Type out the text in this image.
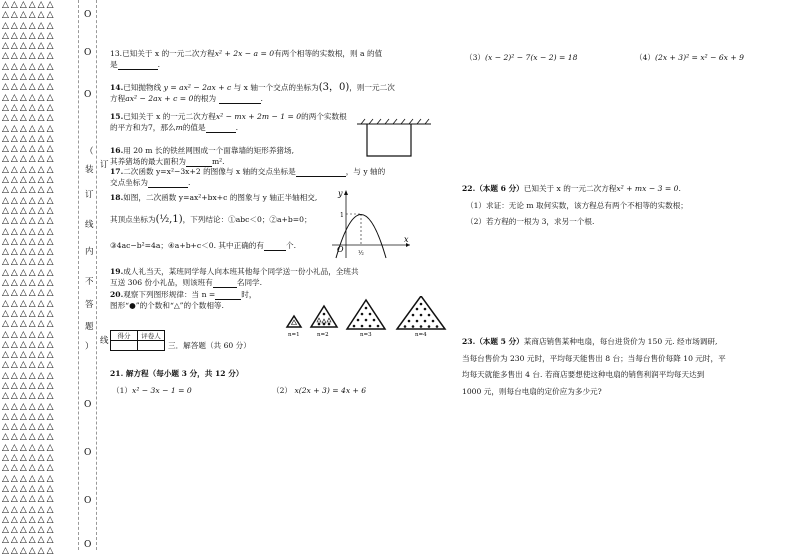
△△△△△△
△△△△△△
△△△△△△
△△△△△△
△△△△△△
△△△△△△
△△△△△△
△△△△△△
△△△△△△
△△△△△△
△△△△△△
△△△△△△
△△△△△△
△△△△△△
△△△△△△
△△△△△△
△△△△△△
△△△△△△
△△△△△△
△△△△△△
△△△△△△
△△△△△△
△△△△△△
△△△△△△
△△△△△△
△△△△△△
△△△△△△
△△△△△△
△△△△△△
△△△△△△
△△△△△△
△△△△△△
△△△△△△
△△△△△△
△△△△△△
△△△△△△
△△△△△△
△△△△△△
△△△△△△
△△△△△△
△△△△△△
△△△△△△
△△△△△△
△△△△△△
△△△△△△
△△△△△△
△△△△△△
△△△△△△
△△△△△△
△△△△△△
△△△△△△
△△△△△△
△△△△△△
△△△△△△
O
O
O
O
O
O
O
（
装
订
线
内
不
答
题
）
订
线
13.已知关于 x 的一元二次方程x² + 2x − a = 0有两个相等的实数根，则 a 的值
是	.
14.已知抛物线 y = ax² − 2ax + c 与 x 轴一个交点的坐标为(3，0)，则一元二次
方程ax² − 2ax + c = 0的根为	.
15.已知关于 x 的一元二次方程x² − mx + 2m − 1 = 0的两个实数根
的平方和为7，那么m的值是	.
16.用 20 m 长的铁丝网围成一个面靠墙的矩形养猪场,
其养猪场的最大面积为	m².
17.二次函数 y=x²−3x+2 的图像与 x 轴的交点坐标是	，与 y 轴的
交点坐标为	.
18.如图，二次函数 y=ax²+bx+c 的图象与 y 轴正半轴相交,
其顶点坐标为(½,1)，下列结论：①abc＜0；②a+b=0；
③4ac−b²=4a；④a+b+c＜0. 其中正确的有	个.
y
x
O
1
½
19.成人礼当天，某班同学每人向本班其他每个同学送一份小礼品，全班共
互送 306 份小礼品，则该班有	名同学.
20.观察下列图形规律：当 n =	时，
图形“●”的个数和“△”的个数相等.
n=1	n=2	n=3	n=4
得分	评卷人

三．解答题（共 60 分）
21. 解方程（每小题 3 分，共 12 分）
（1）x² − 3x − 1 = 0	（2） x(2x + 3) = 4x + 6
（3）(x − 2)² − 7(x − 2) = 18	（4）(2x + 3)² = x² − 6x + 9
22.（本题 6 分）已知关于 x 的一元二次方程x² + mx − 3 = 0.
（1）求证：无论 m 取何实数，该方程总有两个不相等的实数根；
（2）若方程的一根为 3，求另一个根.
23.（本题 5 分）某商店销售某种电扇，每台进货价为 150 元. 经市场调研,
当每台售价为 230 元时，平均每天能售出 8 台；当每台售价每降 10 元时，平
均每天就能多售出 4 台. 若商店要想使这种电扇的销售利润平均每天达到
1000 元，则每台电扇的定价应为多少元?
